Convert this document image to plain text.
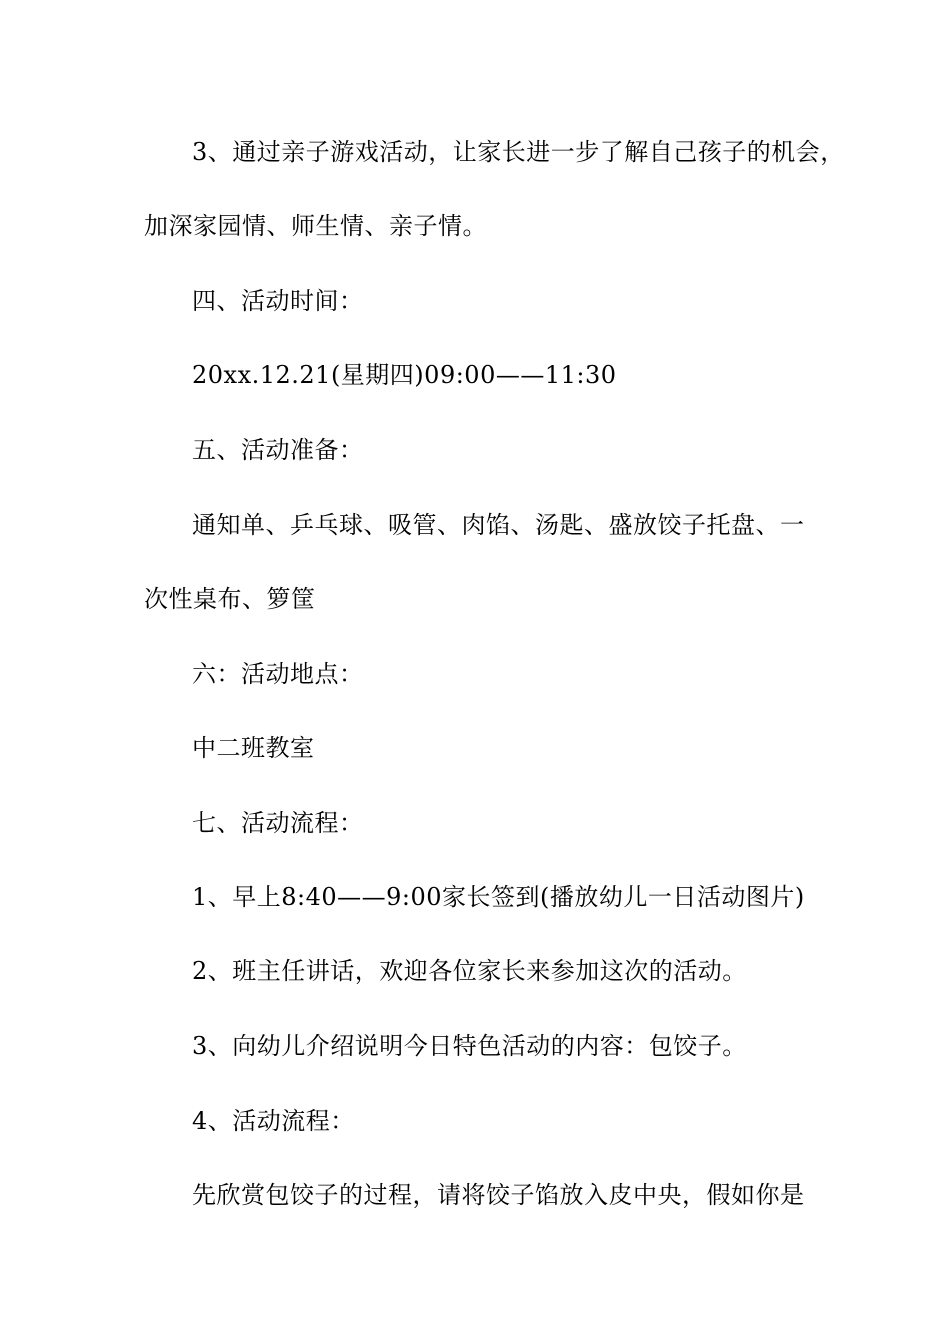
3、通过亲子游戏活动，让家长进一步了解自己孩子的机会，
加深家园情、师生情、亲子情。
四、活动时间：
20xx.12.21(星期四)09:00——11:30
五、活动准备：
通知单、乒乓球、吸管、肉馅、汤匙、盛放饺子托盘、一
次性桌布、箩筐
六：活动地点：
中二班教室
七、活动流程：
1、早上8:40——9:00家长签到(播放幼儿一日活动图片)
2、班主任讲话，欢迎各位家长来参加这次的活动。
3、向幼儿介绍说明今日特色活动的内容：包饺子。
4、活动流程：
先欣赏包饺子的过程，请将饺子馅放入皮中央，假如你是
